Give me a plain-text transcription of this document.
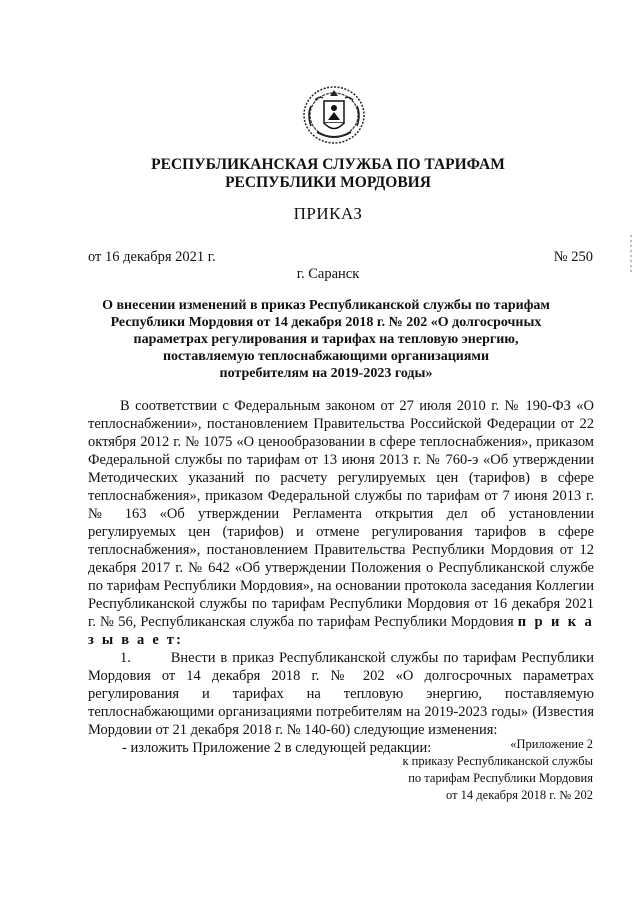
РЕСПУБЛИКАНСКАЯ СЛУЖБА ПО ТАРИФАМ
РЕСПУБЛИКИ МОРДОВИЯ
ПРИКАЗ
от 16 декабря 2021 г.	№ 250
г. Саранск
О внесении изменений в приказ Республиканской службы по тарифам
Республики Мордовия от 14 декабря 2018 г. № 202 «О долгосрочных
параметрах регулирования и тарифах на тепловую энергию,
поставляемую теплоснабжающими организациями
потребителям на 2019-2023 годы»

В соответствии с Федеральным законом от 27 июля 2010 г. № 190-ФЗ «О теплоснабжении», постановлением Правительства Российской Федерации от 22 октября 2012 г. № 1075 «О ценообразовании в сфере теплоснабжения», приказом Федеральной службы по тарифам от 13 июня 2013 г. № 760-э «Об утверждении Методических указаний по расчету регулируемых цен (тарифов) в сфере теплоснабжения», приказом Федеральной службы по тарифам от 7 июня 2013 г. № 163 «Об утверждении Регламента открытия дел об установлении регулируемых цен (тарифов) и отмене регулирования тарифов в сфере теплоснабжения», постановлением Правительства Республики Мордовия от 12 декабря 2017 г. № 642 «Об утверждении Положения о Республиканской службе по тарифам Республики Мордовия», на основании протокола заседания Коллегии Республиканской службы по тарифам Республики Мордовия от 16 декабря 2021 г. № 56, Республиканская служба по тарифам Республики Мордовия п р и к а з ы в а е т:

1.	Внести в приказ Республиканской службы по тарифам Республики Мордовия от 14 декабря 2018 г. № 202 «О долгосрочных параметрах регулирования и тарифах на тепловую энергию, поставляемую теплоснабжающими организациями потребителям на 2019-2023 годы» (Известия Мордовии от 21 декабря 2018 г. № 140-60) следующие изменения:

- изложить Приложение 2 в следующей редакции:	«Приложение 2
к приказу Республиканской службы
по тарифам Республики Мордовия
от 14 декабря 2018 г. № 202
